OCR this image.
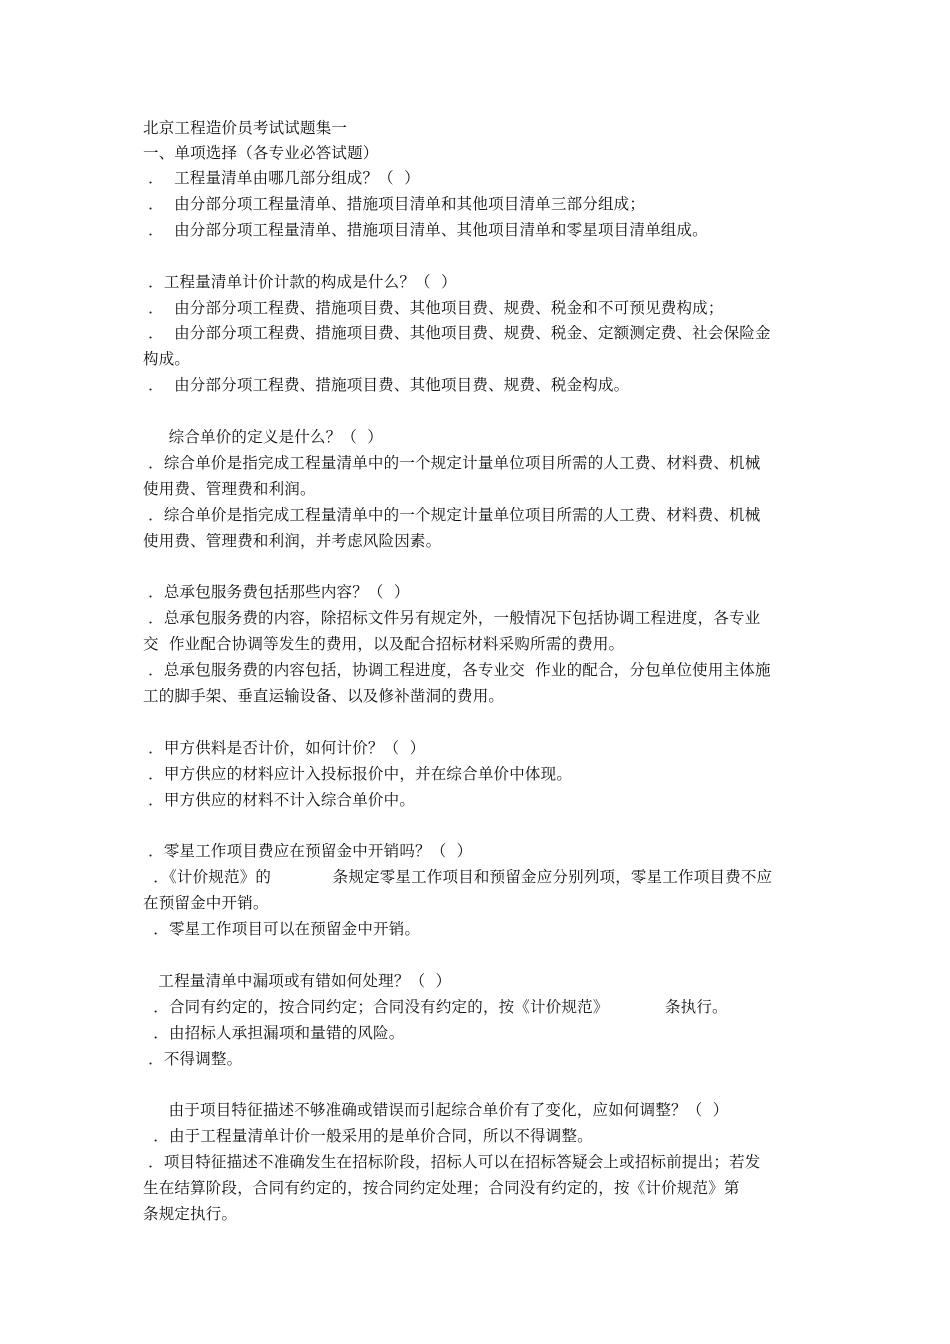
北京工程造价员考试试题集一
一、单项选择（各专业必答试题）
．  工程量清单由哪几部分组成？（  ）
．  由分部分项工程量清单、措施项目清单和其他项目清单三部分组成；
．  由分部分项工程量清单、措施项目清单、其他项目清单和零星项目清单组成。
．工程量清单计价计款的构成是什么？（  ）
．  由分部分项工程费、措施项目费、其他项目费、规费、税金和不可预见费构成；
．  由分部分项工程费、措施项目费、其他项目费、规费、税金、定额测定费、社会保险金
构成。
．  由分部分项工程费、措施项目费、其他项目费、规费、税金构成。
综合单价的定义是什么？（  ）
．综合单价是指完成工程量清单中的一个规定计量单位项目所需的人工费、材料费、机械
使用费、管理费和利润。
．综合单价是指完成工程量清单中的一个规定计量单位项目所需的人工费、材料费、机械
使用费、管理费和利润，并考虑风险因素。
．总承包服务费包括那些内容？（  ）
．总承包服务费的内容，除招标文件另有规定外，一般情况下包括协调工程进度，各专业
交  作业配合协调等发生的费用，以及配合招标材料采购所需的费用。
．总承包服务费的内容包括，协调工程进度，各专业交  作业的配合，分包单位使用主体施
工的脚手架、垂直运输设备、以及修补凿洞的费用。
．甲方供料是否计价，如何计价？（  ）
．甲方供应的材料应计入投标报价中，并在综合单价中体现。
．甲方供应的材料不计入综合单价中。
．零星工作项目费应在预留金中开销吗？（  ）
．《计价规范》的            条规定零星工作项目和预留金应分别列项，零星工作项目费不应
在预留金中开销。
．零星工作项目可以在预留金中开销。
工程量清单中漏项或有错如何处理？（  ）
．合同有约定的，按合同约定；合同没有约定的，按《计价规范》           条执行。
．由招标人承担漏项和量错的风险。
．不得调整。
由于项目特征描述不够准确或错误而引起综合单价有了变化，应如何调整？（  ）
．由于工程量清单计价一般采用的是单价合同，所以不得调整。
．项目特征描述不准确发生在招标阶段，招标人可以在招标答疑会上或招标前提出；若发
生在结算阶段，合同有约定的，按合同约定处理；合同没有约定的，按《计价规范》第
条规定执行。
